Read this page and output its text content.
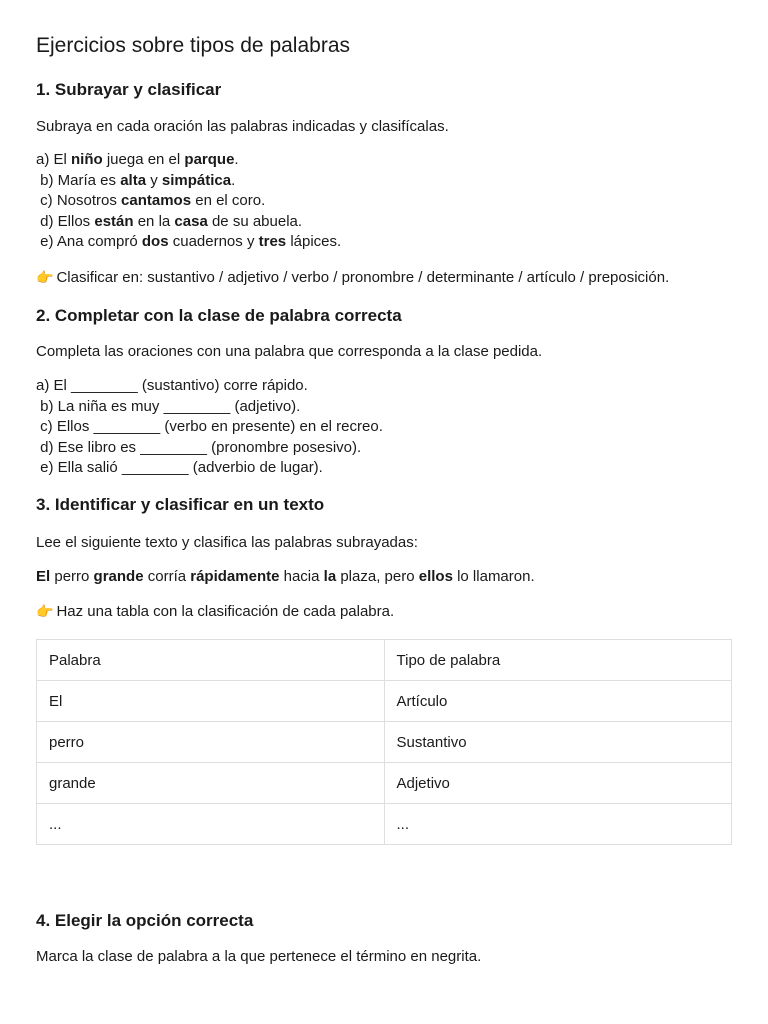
Ejercicios sobre tipos de palabras
1. Subrayar y clasificar

Subraya en cada oración las palabras indicadas y clasifícalas.

a) El niño juega en el parque.
b) María es alta y simpática.
c) Nosotros cantamos en el coro.
d) Ellos están en la casa de su abuela.
e) Ana compró dos cuadernos y tres lápices.

👉 Clasificar en: sustantivo / adjetivo / verbo / pronombre / determinante / artículo / preposición.

2. Completar con la clase de palabra correcta

Completa las oraciones con una palabra que corresponda a la clase pedida.

a) El ________ (sustantivo) corre rápido.
b) La niña es muy ________ (adjetivo).
c) Ellos ________ (verbo en presente) en el recreo.
d) Ese libro es ________ (pronombre posesivo).
e) Ella salió ________ (adverbio de lugar).
3. Identificar y clasificar en un texto

Lee el siguiente texto y clasifica las palabras subrayadas:

El perro grande corría rápidamente hacia la plaza, pero ellos lo llamaron.

👉 Haz una tabla con la clasificación de cada palabra.

Palabra	Tipo de palabra
El	Artículo
perro	Sustantivo
grande	Adjetivo
...	...
4. Elegir la opción correcta

Marca la clase de palabra a la que pertenece el término en negrita.
